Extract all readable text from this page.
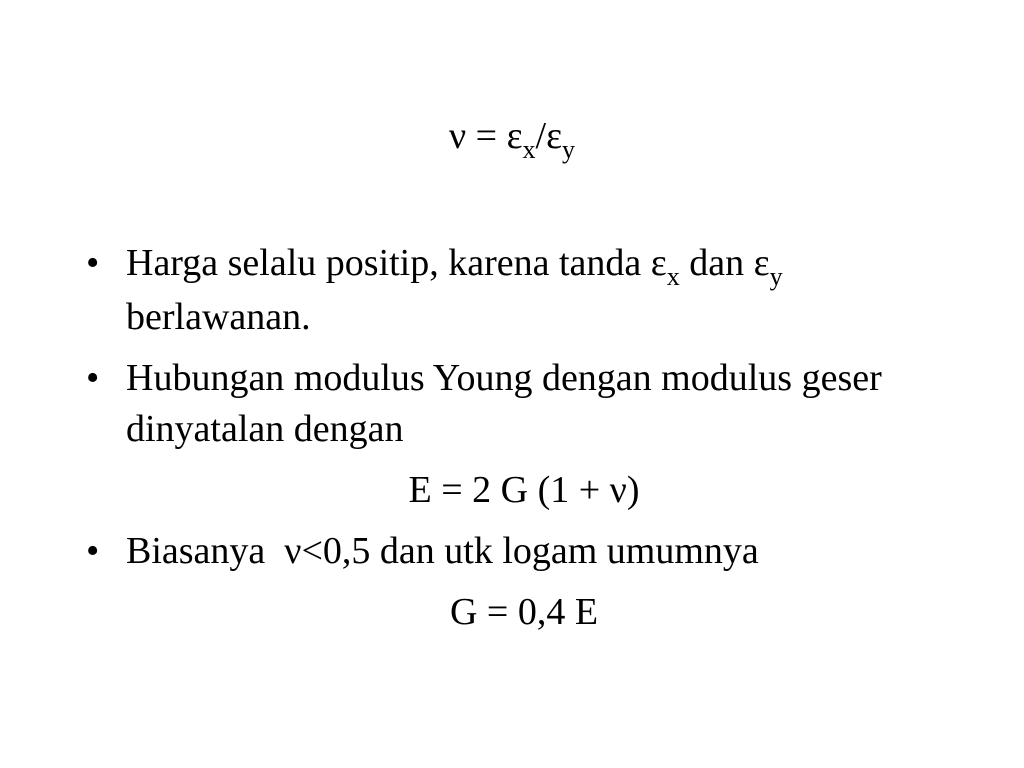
$\nu = \varepsilon_x/\varepsilon_y$
• Harga selalu positip, karena tanda $\varepsilon_x$ dan $\varepsilon_y$ berlawanan.
• Hubungan modulus Young dengan modulus geser dinyatalan dengan
E = 2 G (1 + ν)
• Biasanya  ν<0,5 dan utk logam umumnya
G = 0,4 E
